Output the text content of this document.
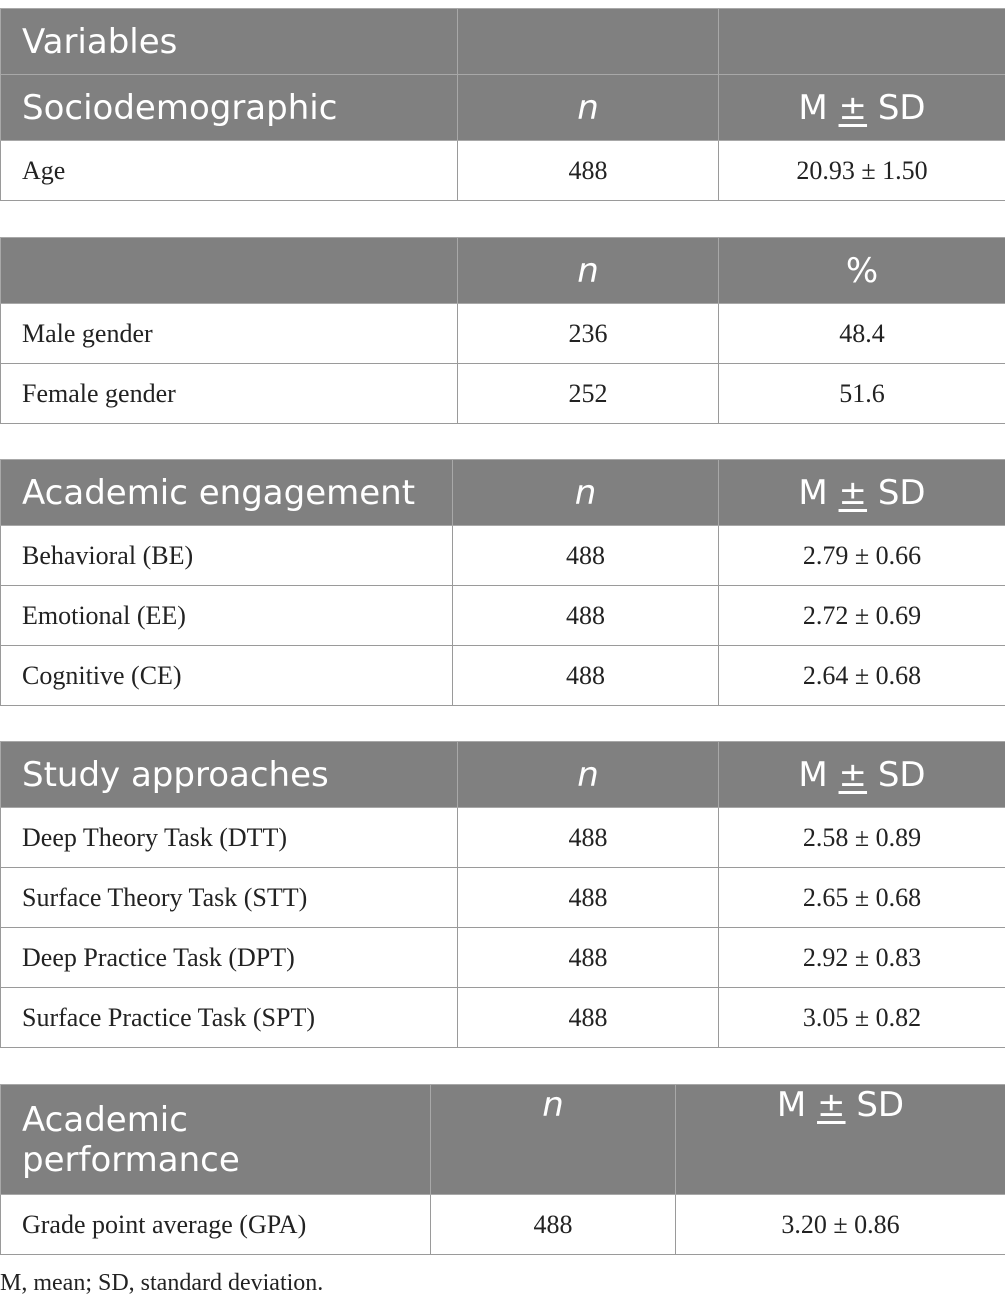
Variables		
Sociodemographic	n	M ± SD
Age	488	20.93 ± 1.50
	n	%
Male gender	236	48.4
Female gender	252	51.6
Academic engagement	n	M ± SD
Behavioral (BE)	488	2.79 ± 0.66
Emotional (EE)	488	2.72 ± 0.69
Cognitive (CE)	488	2.64 ± 0.68
Study approaches	n	M ± SD
Deep Theory Task (DTT)	488	2.58 ± 0.89
Surface Theory Task (STT)	488	2.65 ± 0.68
Deep Practice Task (DPT)	488	2.92 ± 0.83
Surface Practice Task (SPT)	488	3.05 ± 0.82
Academic performance	n	M ± SD
Grade point average (GPA)	488	3.20 ± 0.86
M, mean; SD, standard deviation.
